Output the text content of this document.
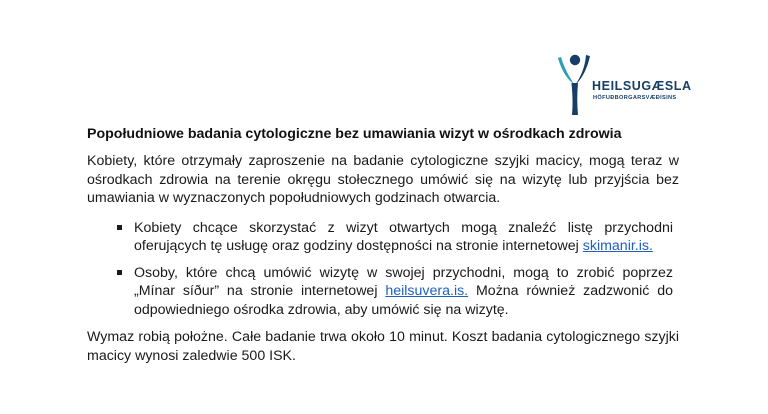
HEILSUGÆSLA
HÖFUÐBORGARSVÆÐISINS
Popołudniowe badania cytologiczne bez umawiania wizyt w ośrodkach zdrowia

Kobiety, które otrzymały zaproszenie na badanie cytologiczne szyjki macicy, mogą teraz w ośrodkach zdrowia na terenie okręgu stołecznego umówić się na wizytę lub przyjścia bez umawiania w wyznaczonych popołudniowych godzinach otwarcia.

Kobiety chcące skorzystać z wizyt otwartych mogą znaleźć listę przychodni oferujących tę usługę oraz godziny dostępności na stronie internetowej skimanir.is.
Osoby, które chcą umówić wizytę w swojej przychodni, mogą to zrobić poprzez „Mínar síður” na stronie internetowej heilsuvera.is. Można również zadzwonić do odpowiedniego ośrodka zdrowia, aby umówić się na wizytę.

Wymaz robią położne. Całe badanie trwa około 10 minut. Koszt badania cytologicznego szyjki macicy wynosi zaledwie 500 ISK.
